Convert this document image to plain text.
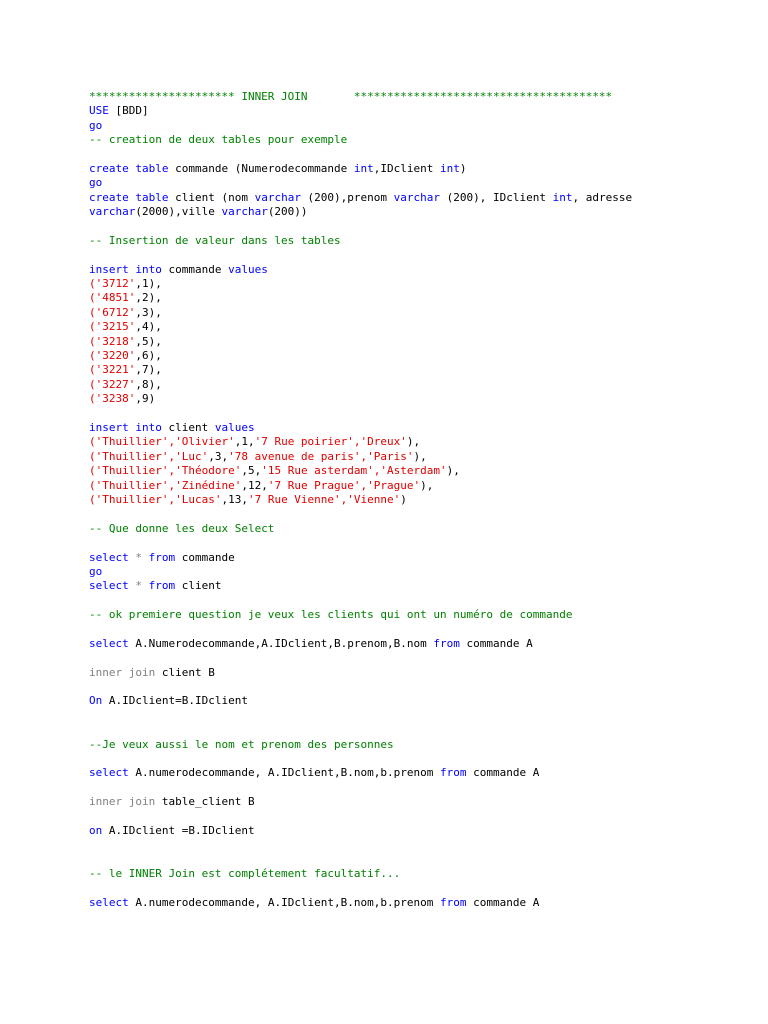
********************** INNER JOIN       ***************************************
USE [BDD]
go
-- creation de deux tables pour exemple
create table commande (Numerodecommande int,IDclient int)
go
create table client (nom varchar (200),prenom varchar (200), IDclient int, adresse
varchar(2000),ville varchar(200))
-- Insertion de valeur dans les tables
insert into commande values
('3712',1),
('4851',2),
('6712',3),
('3215',4),
('3218',5),
('3220',6),
('3221',7),
('3227',8),
('3238',9)
insert into client values
('Thuillier','Olivier',1,'7 Rue poirier','Dreux'),
('Thuillier','Luc',3,'78 avenue de paris','Paris'),
('Thuillier','Théodore',5,'15 Rue asterdam','Asterdam'),
('Thuillier','Zinédine',12,'7 Rue Prague','Prague'),
('Thuillier','Lucas',13,'7 Rue Vienne','Vienne')
-- Que donne les deux Select
select * from commande
go
select * from client
-- ok premiere question je veux les clients qui ont un numéro de commande
select A.Numerodecommande,A.IDclient,B.prenom,B.nom from commande A
inner join client B
On A.IDclient=B.IDclient
--Je veux aussi le nom et prenom des personnes
select A.numerodecommande, A.IDclient,B.nom,b.prenom from commande A
inner join table_client B
on A.IDclient =B.IDclient
-- le INNER Join est complétement facultatif...
select A.numerodecommande, A.IDclient,B.nom,b.prenom from commande A
